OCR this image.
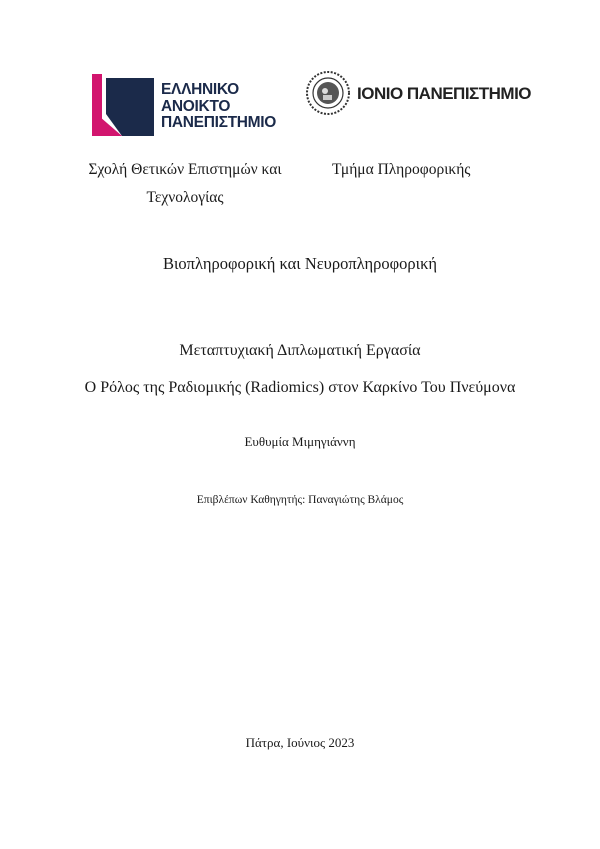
ΕΛΛΗΝΙΚΟ
ΑΝΟΙΚΤΟ
ΠΑΝΕΠΙΣΤΗΜΙΟ
ΙΟΝΙΟ ΠΑΝΕΠΙΣΤΗΜΙΟ
Σχολή Θετικών Επιστημών και
Τεχνολογίας
Τμήμα Πληροφορικής
Βιοπληροφορική και Νευροπληροφορική
Μεταπτυχιακή Διπλωματική Εργασία
Ο Ρόλος της Ραδιομικής (Radiomics) στον Καρκίνο Του Πνεύμονα
Ευθυμία Μιμηγιάννη
Επιβλέπων Καθηγητής: Παναγιώτης Βλάμος
Πάτρα, Ιούνιος 2023
